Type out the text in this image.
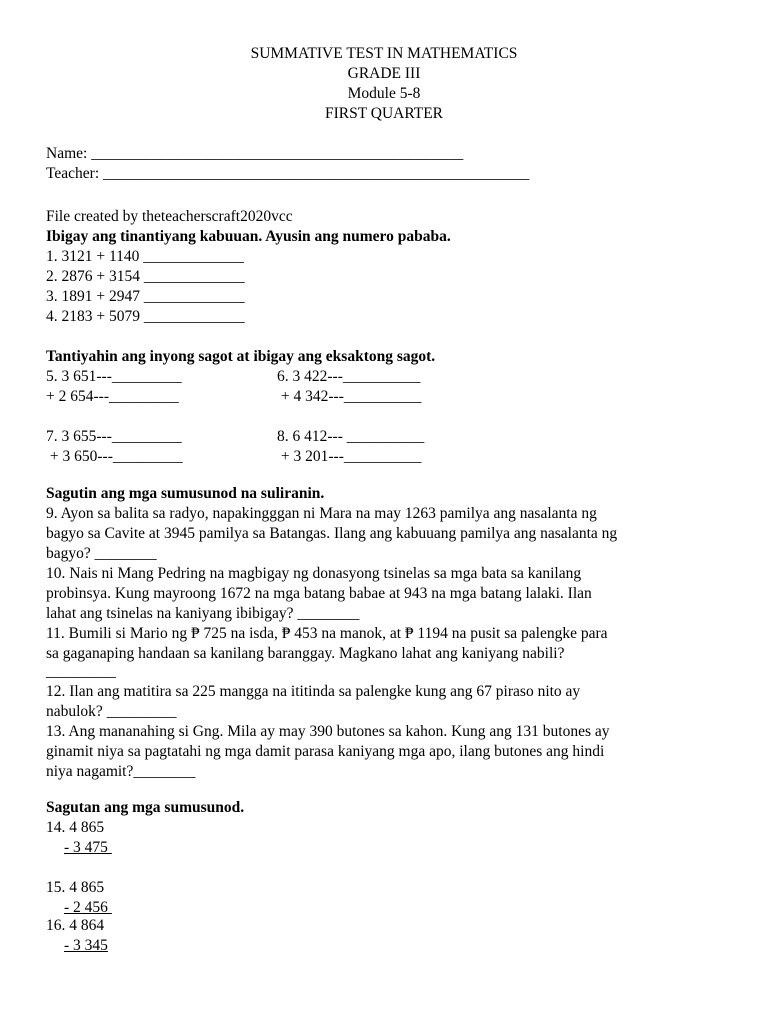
SUMMATIVE TEST IN MATHEMATICS
GRADE III
Module 5-8
FIRST QUARTER
Name: ________________________________________________
Teacher: _______________________________________________________
File created by theteacherscraft2020vcc
Ibigay ang tinantiyang kabuuan. Ayusin ang numero pababa.
1. 3121 + 1140 _____________
2. 2876 + 3154 _____________
3. 1891 + 2947 _____________
4. 2183 + 5079 _____________
Tantiyahin ang inyong sagot at ibigay ang eksaktong sagot.
5. 3 651---_________
+ 2 654---_________
6. 3 422---__________
+ 4 342---__________
7. 3 655---_________
+ 3 650---_________
8. 6 412--- __________
+ 3 201---__________
Sagutin ang mga sumusunod na suliranin.
9. Ayon sa balita sa radyo, napakingggan ni Mara na may 1263 pamilya ang nasalanta ng
bagyo sa Cavite at 3945 pamilya sa Batangas. Ilang ang kabuuang pamilya ang nasalanta ng
bagyo? ________
10. Nais ni Mang Pedring na magbigay ng donasyong tsinelas sa mga bata sa kanilang
probinsya. Kung mayroong 1672 na mga batang babae at 943 na mga batang lalaki. Ilan
lahat ang tsinelas na kaniyang ibibigay? ________
11. Bumili si Mario ng ₱ 725 na isda, ₱ 453 na manok, at ₱ 1194 na pusit sa palengke para
sa gaganaping handaan sa kanilang baranggay. Magkano lahat ang kaniyang nabili?
_________
12. Ilan ang matitira sa 225 mangga na ititinda sa palengke kung ang 67 piraso nito ay
nabulok? _________
13. Ang mananahing si Gng. Mila ay may 390 butones sa kahon. Kung ang 131 butones ay
ginamit niya sa pagtatahi ng mga damit parasa kaniyang mga apo, ilang butones ang hindi
niya nagamit?________
Sagutan ang mga sumusunod.
14. 4 865
- 3 475
15. 4 865
- 2 456
16. 4 864
- 3 345
